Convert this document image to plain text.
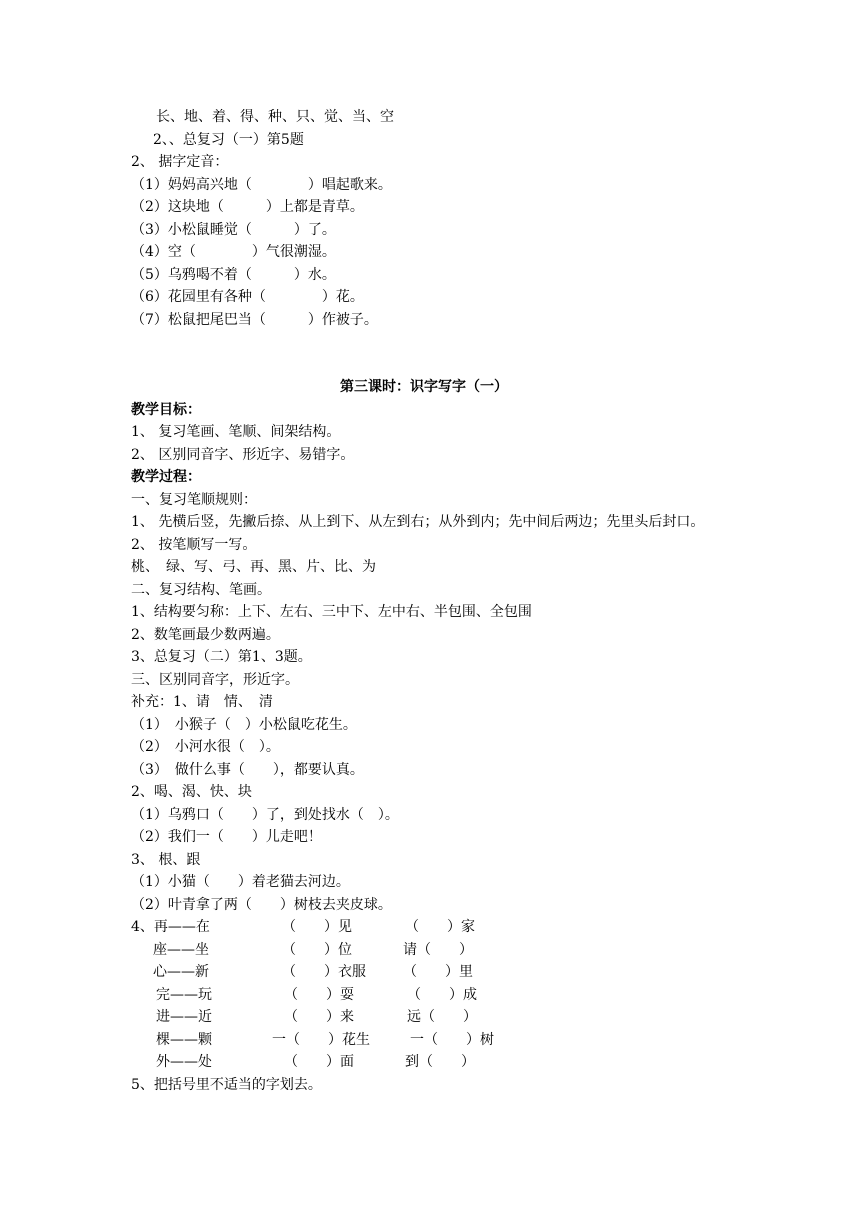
长、地、着、得、种、只、觉、当、空
2、、总复习（一）第5题
2、 据字定音：
（1）妈妈高兴地（　　　　）唱起歌来。
（2）这块地（　　　）上都是青草。
（3）小松鼠睡觉（　　　）了。
（4）空（　　　　）气很潮湿。
（5）乌鸦喝不着（　　　）水。
（6）花园里有各种（　　　　）花。
（7）松鼠把尾巴当（　　　）作被子。
第三课时：识字写字（一）
教学目标：
1、 复习笔画、笔顺、间架结构。
2、 区别同音字、形近字、易错字。
教学过程：
一、复习笔顺规则：
1、 先横后竖，先撇后捺、从上到下、从左到右；从外到内；先中间后两边；先里头后封口。
2、 按笔顺写一写。
桃、　绿、写、弓、再、黑、片、比、为
二、复习结构、笔画。
1、结构要匀称：上下、左右、三中下、左中右、半包围、全包围
2、数笔画最少数两遍。
3、总复习（二）第1、3题。
三、区别同音字，形近字。
补充：1、请　情、　清
（1）　小猴子（　）小松鼠吃花生。
（2）　小河水很（　）。
（3）　做什么事（　　），都要认真。
2、喝、渴、快、块
（1）乌鸦口（　　）了，到处找水（　）。
（2）我们一（　　）儿走吧！
3、 根、跟
（1）小猫（　　）着老猫去河边。
（2）叶青拿了两（　　）树枝去夹皮球。
4、再——在
座——坐
心——新
完——玩
进——近
棵——颗
外——处
（　　）见
（　　）位
（　　）衣服
（　　）耍
（　　）来
一（　　）花生
（　　）面
（　　）家
请（　　）
（　　）里
（　　）成
远（　　）
一（　　）树
到（　　）
5、把括号里不适当的字划去。
